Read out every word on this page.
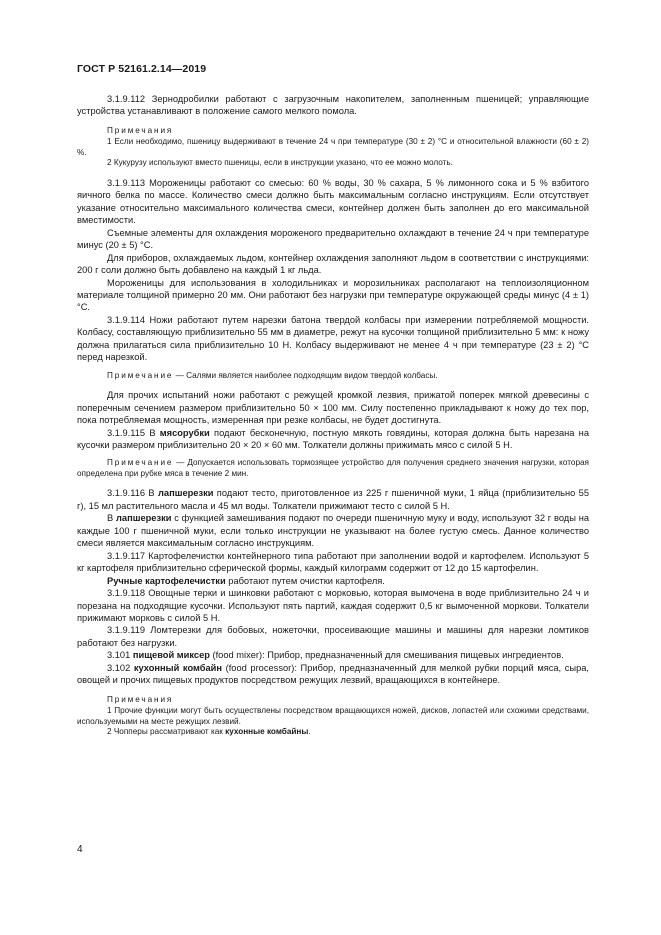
ГОСТ Р 52161.2.14—2019

3.1.9.112 Зернодробилки работают с загрузочным накопителем, заполненным пшеницей; управляющие устройства устанавливают в положение самого мелкого помола.

Примечания

1 Если необходимо, пшеницу выдерживают в течение 24 ч при температуре (30 ± 2) °С и относительной влажности (60 ± 2) %.

2 Кукурузу используют вместо пшеницы, если в инструкции указано, что ее можно молоть.

3.1.9.113 Мороженицы работают со смесью: 60 % воды, 30 % сахара, 5 % лимонного сока и 5 % взбитого яичного белка по массе. Количество смеси должно быть максимальным согласно инструкциям. Если отсутствует указание относительно максимального количества смеси, контейнер должен быть заполнен до его максимальной вместимости.

Съемные элементы для охлаждения мороженого предварительно охлаждают в течение 24 ч при температуре минус (20 ± 5) °С.

Для приборов, охлаждаемых льдом, контейнер охлаждения заполняют льдом в соответствии с инструкциями: 200 г соли должно быть добавлено на каждый 1 кг льда.

Мороженицы для использования в холодильниках и морозильниках располагают на теплоизоляционном материале толщиной примерно 20 мм. Они работают без нагрузки при температуре окружающей среды минус (4 ± 1) °С.

3.1.9.114 Ножи работают путем нарезки батона твердой колбасы при измерении потребляемой мощности. Колбасу, составляющую приблизительно 55 мм в диаметре, режут на кусочки толщиной приблизительно 5 мм: к ножу должна прилагаться сила приблизительно 10 Н. Колбасу выдерживают не менее 4 ч при температуре (23 ± 2) °С перед нарезкой.

Примечание — Салями является наиболее подходящим видом твердой колбасы.

Для прочих испытаний ножи работают с режущей кромкой лезвия, прижатой поперек мягкой древесины с поперечным сечением размером приблизительно 50 × 100 мм. Силу постепенно прикладывают к ножу до тех пор, пока потребляемая мощность, измеренная при резке колбасы, не будет достигнута.

3.1.9.115 В мясорубки подают бесконечную, постную мякоть говядины, которая должна быть нарезана на кусочки размером приблизительно 20 × 20 × 60 мм. Толкатели должны прижимать мясо с силой 5 Н.

Примечание — Допускается использовать тормозящее устройство для получения среднего значения нагрузки, которая определена при рубке мяса в течение 2 мин.

3.1.9.116 В лапшерезки подают тесто, приготовленное из 225 г пшеничной муки, 1 яйца (приблизительно 55 г), 15 мл растительного масла и 45 мл воды. Толкатели прижимают тесто с силой 5 Н.

В лапшерезки с функцией замешивания подают по очереди пшеничную муку и воду, используют 32 г воды на каждые 100 г пшеничной муки, если только инструкции не указывают на более густую смесь. Данное количество смеси является максимальным согласно инструкциям.

3.1.9.117 Картофелечистки контейнерного типа работают при заполнении водой и картофелем. Используют 5 кг картофеля приблизительно сферической формы, каждый килограмм содержит от 12 до 15 картофелин.

Ручные картофелечистки работают путем очистки картофеля.

3.1.9.118 Овощные терки и шинковки работают с морковью, которая вымочена в воде приблизительно 24 ч и порезана на подходящие кусочки. Используют пять партий, каждая содержит 0,5 кг вымоченной моркови. Толкатели прижимают морковь с силой 5 Н.

3.1.9.119 Ломтерезки для бобовых, ножеточки, просеивающие машины и машины для нарезки ломтиков работают без нагрузки.

3.101 пищевой миксер (food mixer): Прибор, предназначенный для смешивания пищевых ингредиентов.

3.102 кухонный комбайн (food processor): Прибор, предназначенный для мелкой рубки порций мяса, сыра, овощей и прочих пищевых продуктов посредством режущих лезвий, вращающихся в контейнере.

Примечания

1 Прочие функции могут быть осуществлены посредством вращающихся ножей, дисков, лопастей или схожими средствами, используемыми на месте режущих лезвий.

2 Чопперы рассматривают как кухонные комбайны.

4
